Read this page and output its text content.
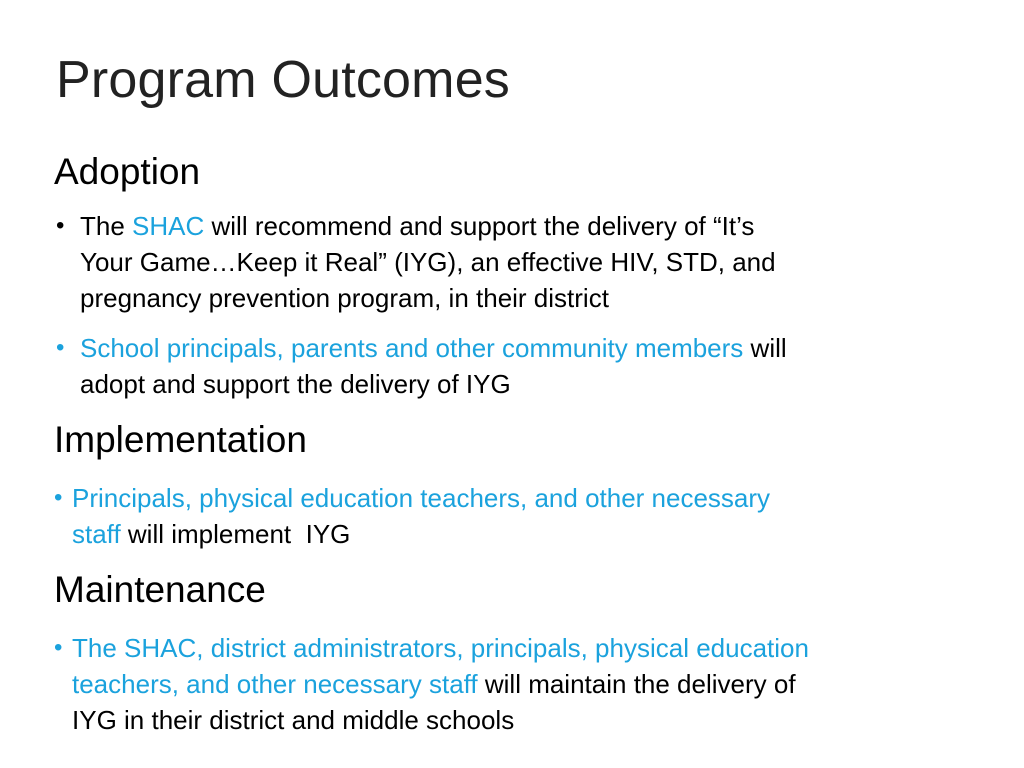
Program Outcomes
Adoption
• The SHAC will recommend and support the delivery of “It’s
Your Game…Keep it Real” (IYG), an effective HIV, STD, and
pregnancy prevention program, in their district
• School principals, parents and other community members will
adopt and support the delivery of IYG
Implementation
• Principals, physical education teachers, and other necessary
staff will implement  IYG
Maintenance
• The SHAC, district administrators, principals, physical education
teachers, and other necessary staff will maintain the delivery of
IYG in their district and middle schools
